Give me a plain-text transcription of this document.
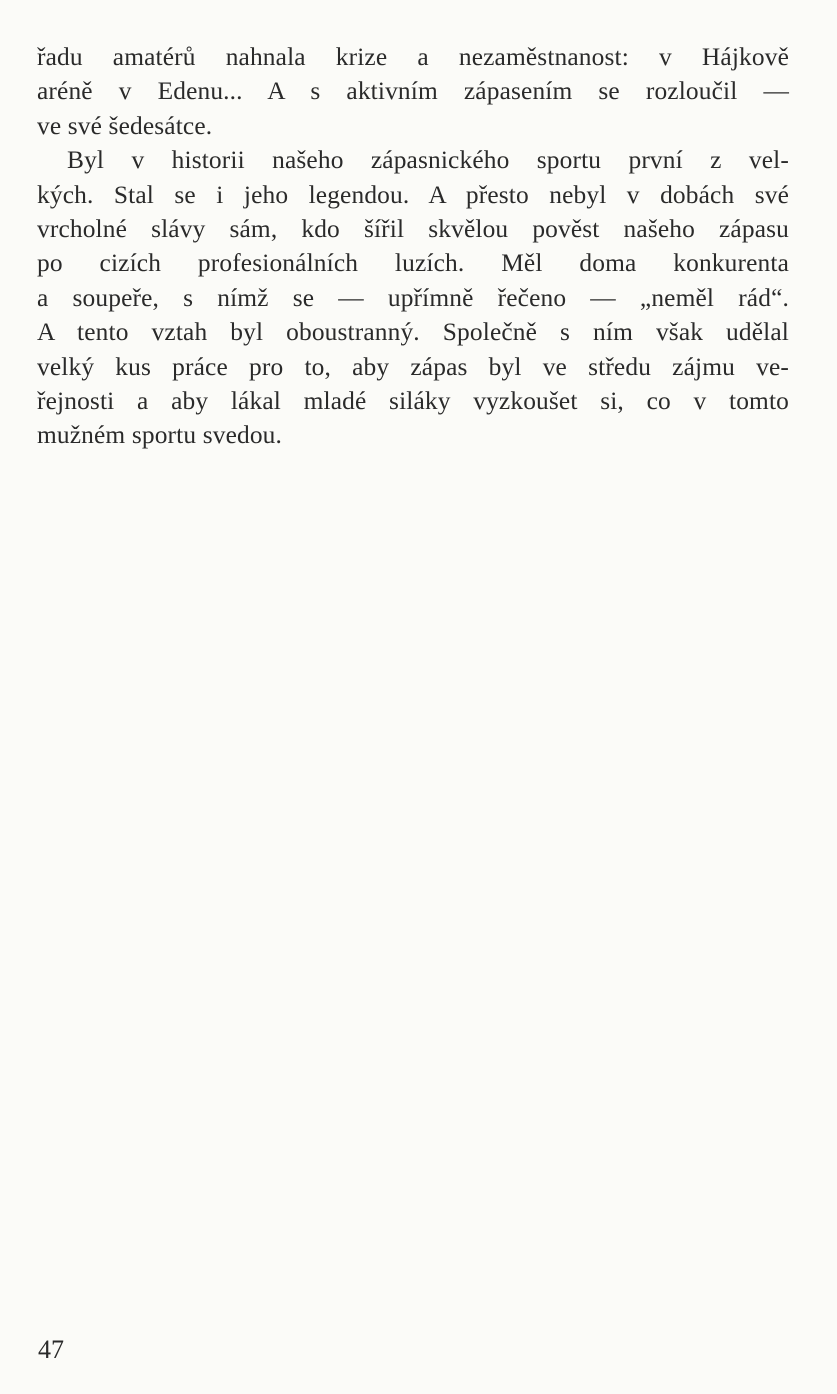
řadu amatérů nahnala krize a nezaměstnanost: v Hájkově
aréně v Edenu... A s aktivním zápasením se rozloučil —
ve své šedesátce.
Byl v historii našeho zápasnického sportu první z vel-
kých. Stal se i jeho legendou. A přesto nebyl v dobách své
vrcholné slávy sám, kdo šířil skvělou pověst našeho zápasu
po cizích profesionálních luzích. Měl doma konkurenta
a soupeře, s nímž se — upřímně řečeno — „neměl rád“.
A tento vztah byl oboustranný. Společně s ním však udělal
velký kus práce pro to, aby zápas byl ve středu zájmu ve-
řejnosti a aby lákal mladé siláky vyzkoušet si, co v tomto
mužném sportu svedou.
47
